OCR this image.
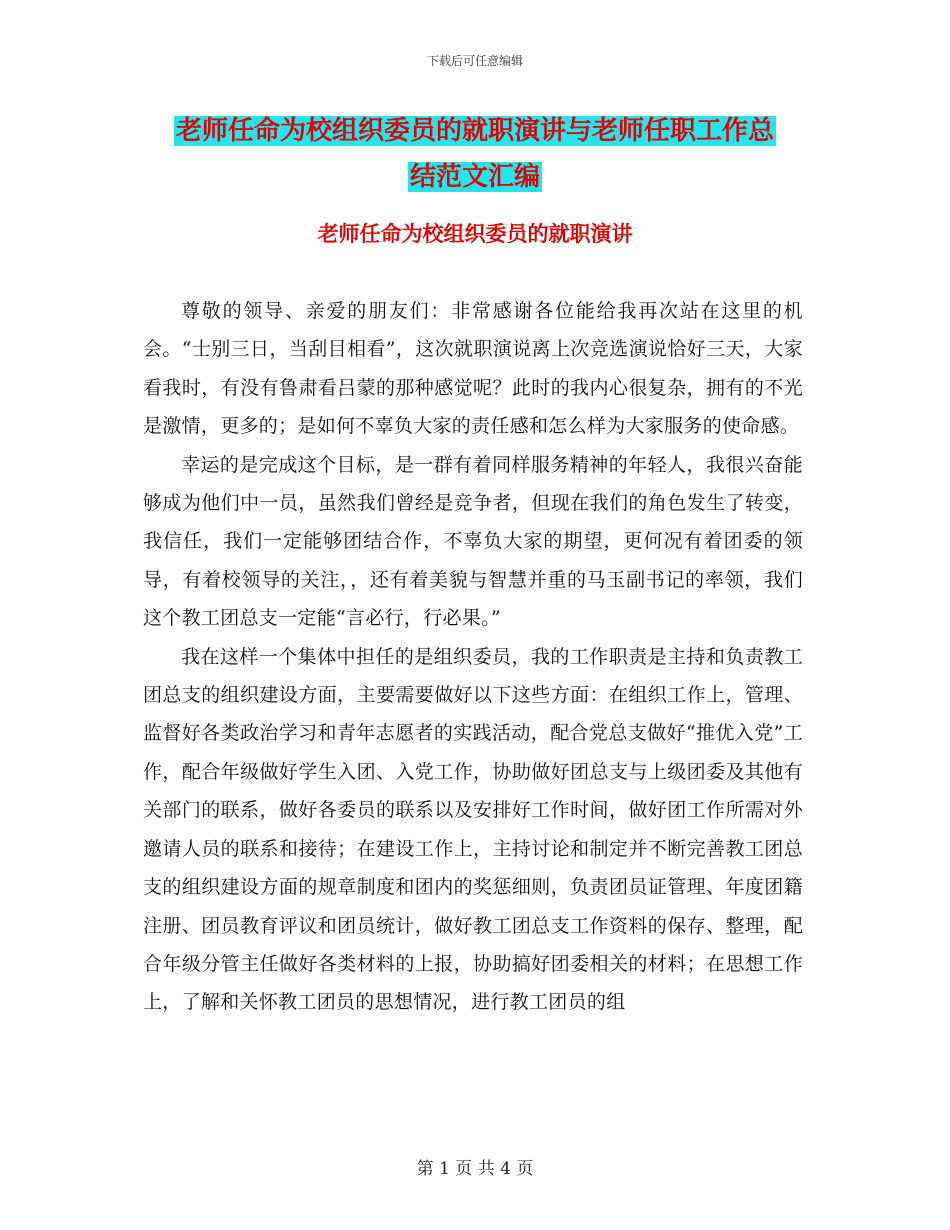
下载后可任意编辑
老师任命为校组织委员的就职演讲与老师任职工作总
结范文汇编
老师任命为校组织委员的就职演讲

尊敬的领导、亲爱的朋友们：非常感谢各位能给我再次站在这里的机会。“士别三日，当刮目相看”，这次就职演说离上次竞选演说恰好三天，大家看我时，有没有鲁肃看吕蒙的那种感觉呢？此时的我内心很复杂，拥有的不光是激情，更多的；是如何不辜负大家的责任感和怎么样为大家服务的使命感。

幸运的是完成这个目标，是一群有着同样服务精神的年轻人，我很兴奋能够成为他们中一员，虽然我们曾经是竞争者，但现在我们的角色发生了转变，我信任，我们一定能够团结合作，不辜负大家的期望，更何况有着团委的领导，有着校领导的关注，，还有着美貌与智慧并重的马玉副书记的率领，我们这个教工团总支一定能“言必行，行必果。”

我在这样一个集体中担任的是组织委员，我的工作职责是主持和负责教工团总支的组织建设方面，主要需要做好以下这些方面：在组织工作上，管理、监督好各类政治学习和青年志愿者的实践活动，配合党总支做好“推优入党”工作，配合年级做好学生入团、入党工作，协助做好团总支与上级团委及其他有关部门的联系，做好各委员的联系以及安排好工作时间，做好团工作所需对外邀请人员的联系和接待；在建设工作上，主持讨论和制定并不断完善教工团总支的组织建设方面的规章制度和团内的奖惩细则，负责团员证管理、年度团籍注册、团员教育评议和团员统计，做好教工团总支工作资料的保存、整理，配合年级分管主任做好各类材料的上报，协助搞好团委相关的材料；在思想工作上，了解和关怀教工团员的思想情况，进行教工团员的组

第 1 页 共 4 页
